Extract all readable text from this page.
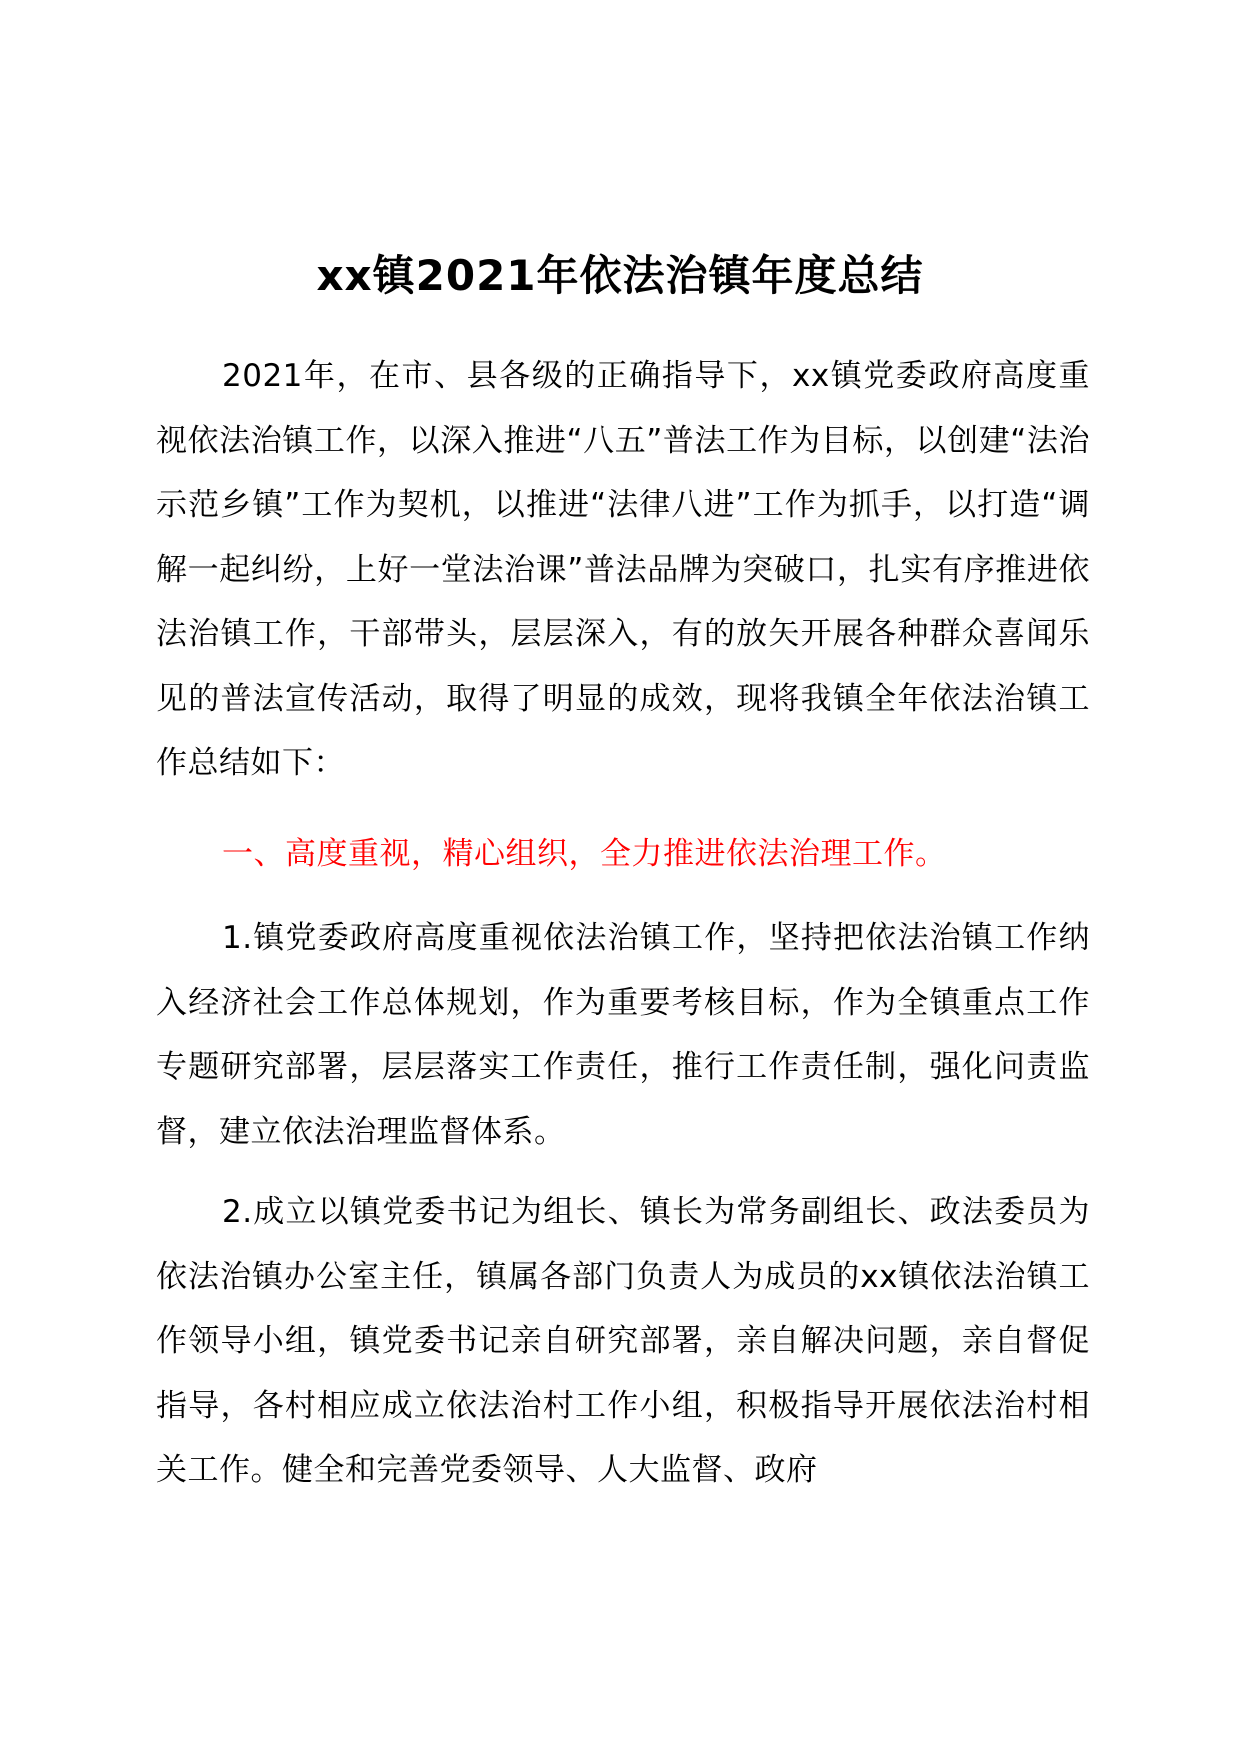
xx镇2021年依法治镇年度总结

2021年，在市、县各级的正确指导下，xx镇党委政府高度重视依法治镇工作，以深入推进“八五”普法工作为目标，以创建“法治示范乡镇”工作为契机，以推进“法律八进”工作为抓手，以打造“调解一起纠纷，上好一堂法治课”普法品牌为突破口，扎实有序推进依法治镇工作，干部带头，层层深入，有的放矢开展各种群众喜闻乐见的普法宣传活动，取得了明显的成效，现将我镇全年依法治镇工作总结如下：

一、高度重视，精心组织，全力推进依法治理工作。

1.镇党委政府高度重视依法治镇工作，坚持把依法治镇工作纳入经济社会工作总体规划，作为重要考核目标，作为全镇重点工作专题研究部署，层层落实工作责任，推行工作责任制，强化问责监督，建立依法治理监督体系。

2.成立以镇党委书记为组长、镇长为常务副组长、政法委员为依法治镇办公室主任，镇属各部门负责人为成员的xx镇依法治镇工作领导小组，镇党委书记亲自研究部署，亲自解决问题，亲自督促指导，各村相应成立依法治村工作小组，积极指导开展依法治村相关工作。健全和完善党委领导、人大监督、政府
